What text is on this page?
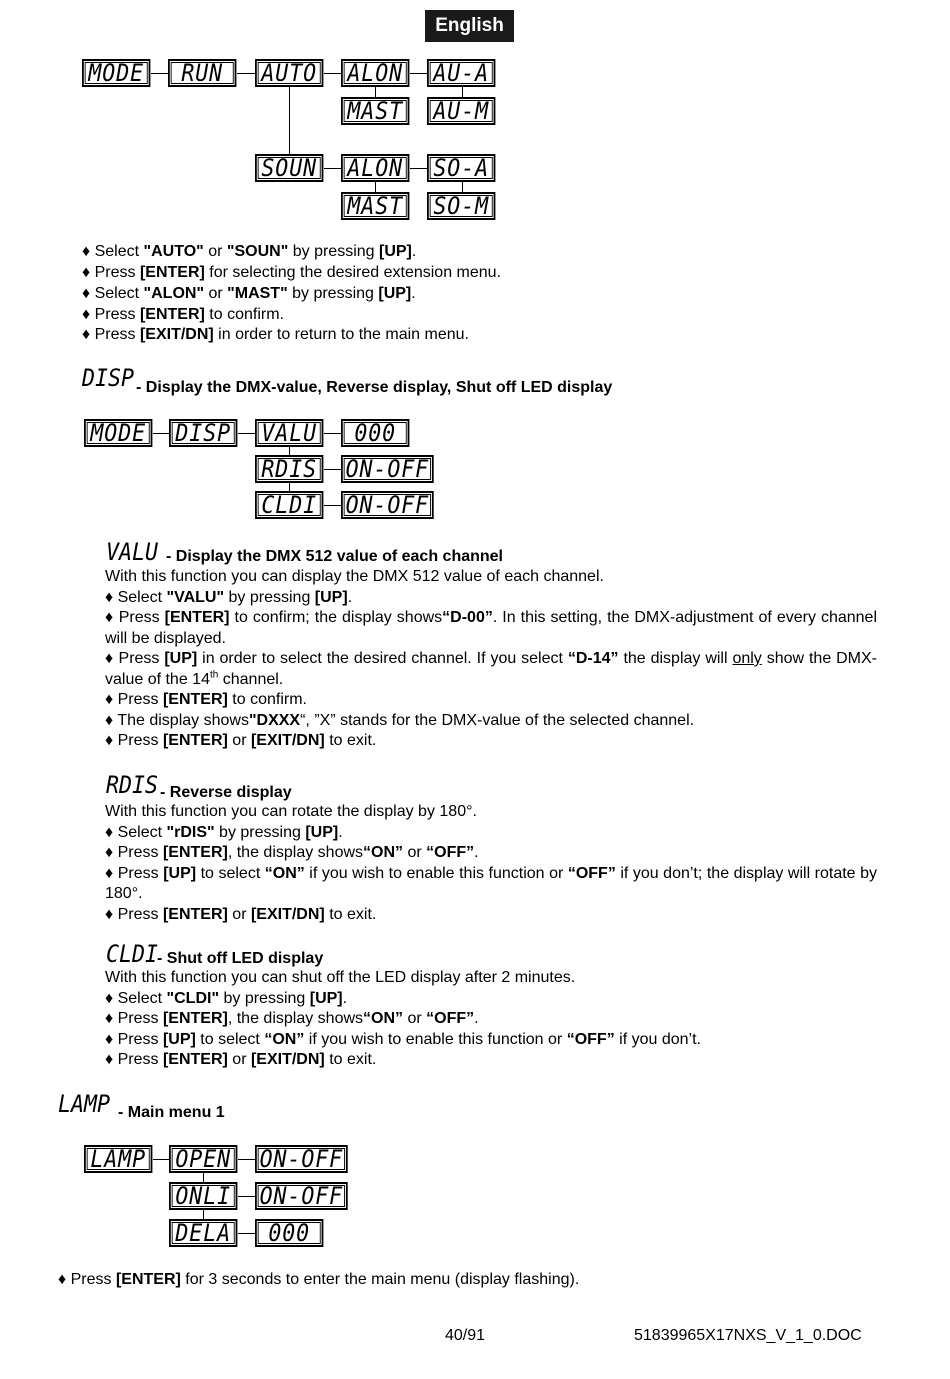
English
MODE	RUN	AUTO ALON AU-A
MAST AU-M
SOUN ALON SO-A
MAST SO-M
♦ Select "AUTO" or "SOUN" by pressing [UP].
♦ Press [ENTER] for selecting the desired extension menu.
♦ Select "ALON" or "MAST" by pressing [UP].
♦ Press [ENTER] to confirm.
♦ Press [EXIT/DN] in order to return to the main menu.
DISP - Display the DMX-value, Reverse display, Shut off LED display
MODE DISP VALU	000
RDIS ON-OFF
CLDI ON-OFF
VALU - Display the DMX 512 value of each channel

With this function you can display the DMX 512 value of each channel.

♦ Select "VALU" by pressing [UP].

♦ Press [ENTER] to confirm; the display shows“D-00”. In this setting, the DMX-adjustment of every channel will be displayed.

♦ Press [UP] in order to select the desired channel. If you select “D-14” the display will only show the DMX-value of the 14th channel.

♦ Press [ENTER] to confirm.

♦ The display shows"DXXX“, ”X” stands for the DMX-value of the selected channel.

♦ Press [ENTER] or [EXIT/DN] to exit.

RDIS - Reverse display

With this function you can rotate the display by 180°.

♦ Select "rDIS" by pressing [UP].

♦ Press [ENTER], the display shows“ON” or “OFF”.

♦ Press [UP] to select “ON” if you wish to enable this function or “OFF” if you don’t; the display will rotate by 180°.

♦ Press [ENTER] or [EXIT/DN] to exit.

CLDI
- Shut off LED display

With this function you can shut off the LED display after 2 minutes.

♦ Select "CLDI" by pressing [UP].

♦ Press [ENTER], the display shows“ON” or “OFF”.

♦ Press [UP] to select “ON” if you wish to enable this function or “OFF” if you don’t.

♦ Press [ENTER] or [EXIT/DN] to exit.

LAMP - Main menu 1
LAMP OPEN ON-OFF
ONLI ON-OFF
DELA	000
♦ Press [ENTER] for 3 seconds to enter the main menu (display flashing).
40/91	51839965X17NXS_V_1_0.DOC
